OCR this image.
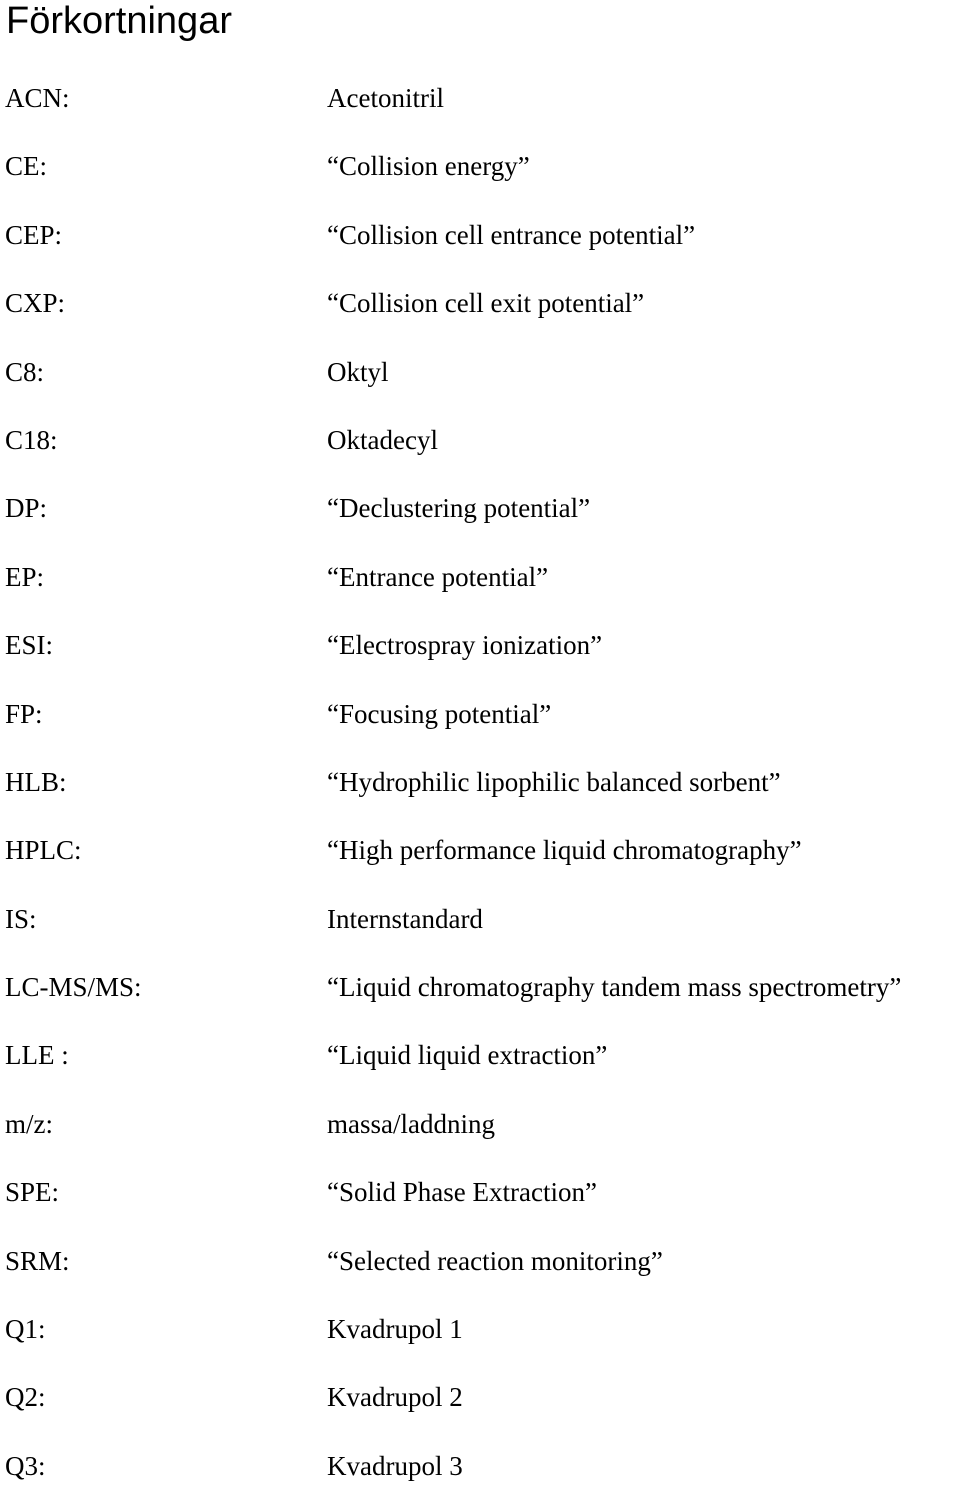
Förkortningar
ACN:	Acetonitril
CE:	“Collision energy”
CEP:	“Collision cell entrance potential”
CXP:	“Collision cell exit potential”
C8:	Oktyl
C18:	Oktadecyl
DP:	“Declustering potential”
EP:	“Entrance potential”
ESI:	“Electrospray ionization”
FP:	“Focusing potential”
HLB:	“Hydrophilic lipophilic balanced sorbent”
HPLC:	“High performance liquid chromatography”
IS:	Internstandard
LC-MS/MS:	“Liquid chromatography tandem mass spectrometry”
LLE :	“Liquid liquid extraction”
m/z:	massa/laddning
SPE:	“Solid Phase Extraction”
SRM:	“Selected reaction monitoring”
Q1:	Kvadrupol 1
Q2:	Kvadrupol 2
Q3:	Kvadrupol 3
